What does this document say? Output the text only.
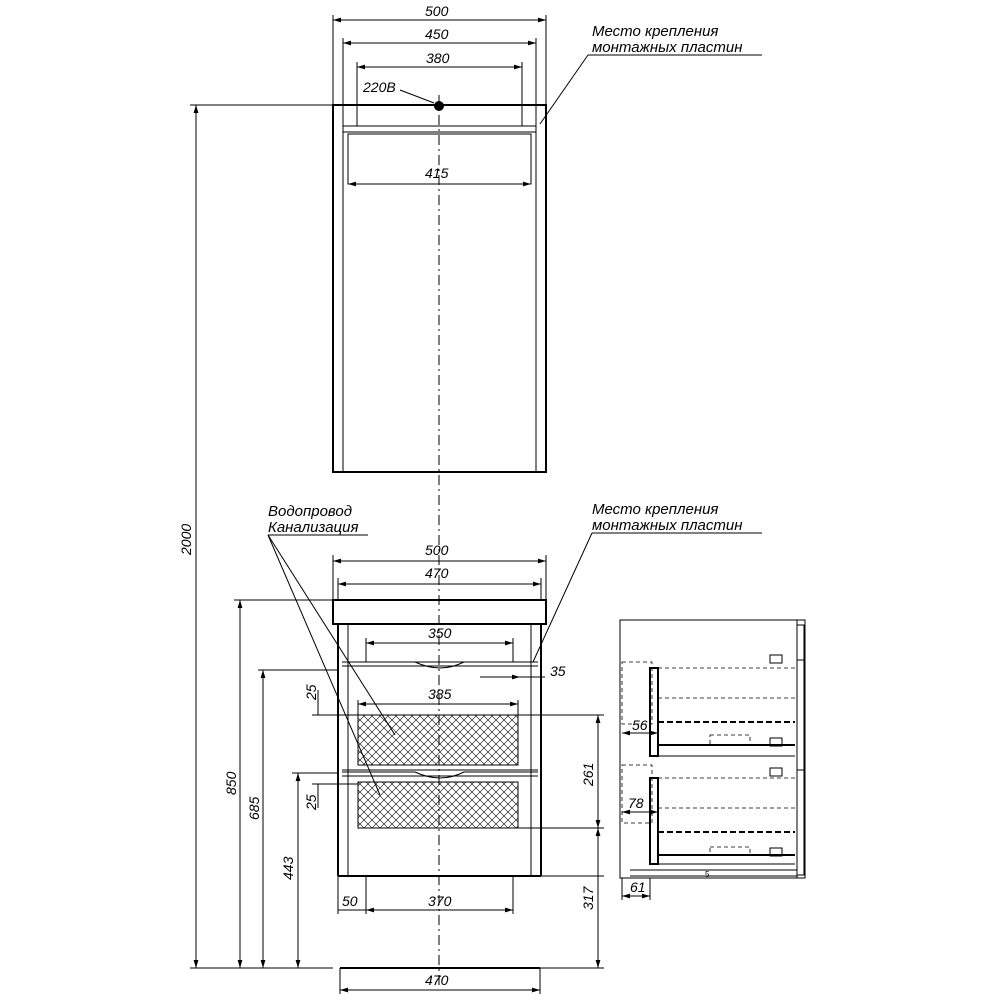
500
450
380
220В
415
2000
Место крепления
монтажных пластин
500
470
350
35
25	385
25
261
317
850
685
443
50	370
470
Водопровод
Канализация
Место крепления
монтажных пластин
5
56
78
61
